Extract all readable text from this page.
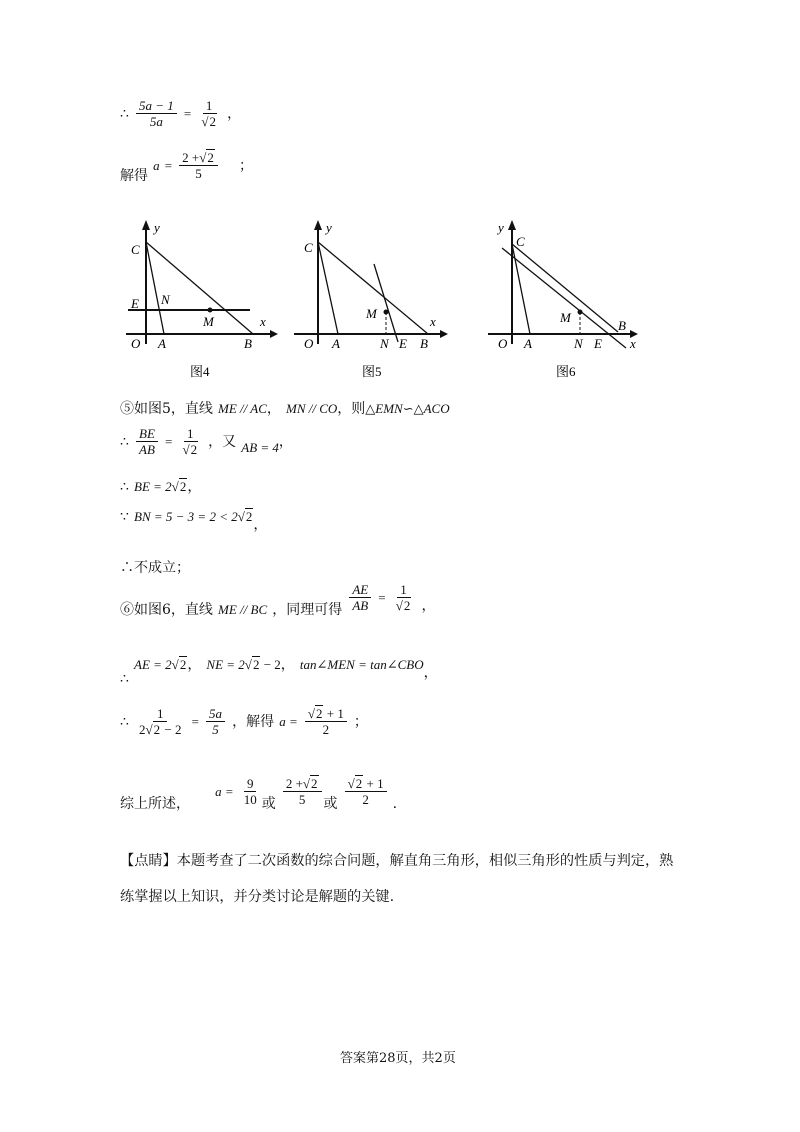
∴ $\frac{5a - 1}{5a} = \frac{1}{√2}$ ，
解得 $a = \frac{2 +√2}{5}$ ；
y
x
C
E N
M
O A	B
图4
y
x
C
M
O A	N E B
图5
y
x
C
M
O A	N E
B
图6
⑤如图5，直线 ME // AC， MN // CO，则△EMN∽△ACO
∴ $\frac{BE}{AB} = \frac{1}{√2}$ ，又 $_{AB = 4}$，
∴ BE = 2√2，
∵ BN = 5 − 3 = 2 < 2√2，
∴不成立；
⑥如图6，直线 $_{ME // BC}$ ，同理可得 $\frac{AE}{AB} = \frac{1}{√2}$ ，
∴ AE = 2√2， NE = 2√2 − 2， tan∠MEN = tan∠CBO，
∴ $\frac{1}{2√2 - 2} = \frac{5a}{5}$ ，解得 $a = \frac{√2 + 1}{2}$ ；
综上所述， $a = \frac{9}{10}$ 或 $\frac{2 +√2}{5}$ 或 $\frac{√2 + 1}{2}$ .
【点睛】本题考查了二次函数的综合问题，解直角三角形，相似三角形的性质与判定，熟
练掌握以上知识，并分类讨论是解题的关键.
答案第28页，共2页
